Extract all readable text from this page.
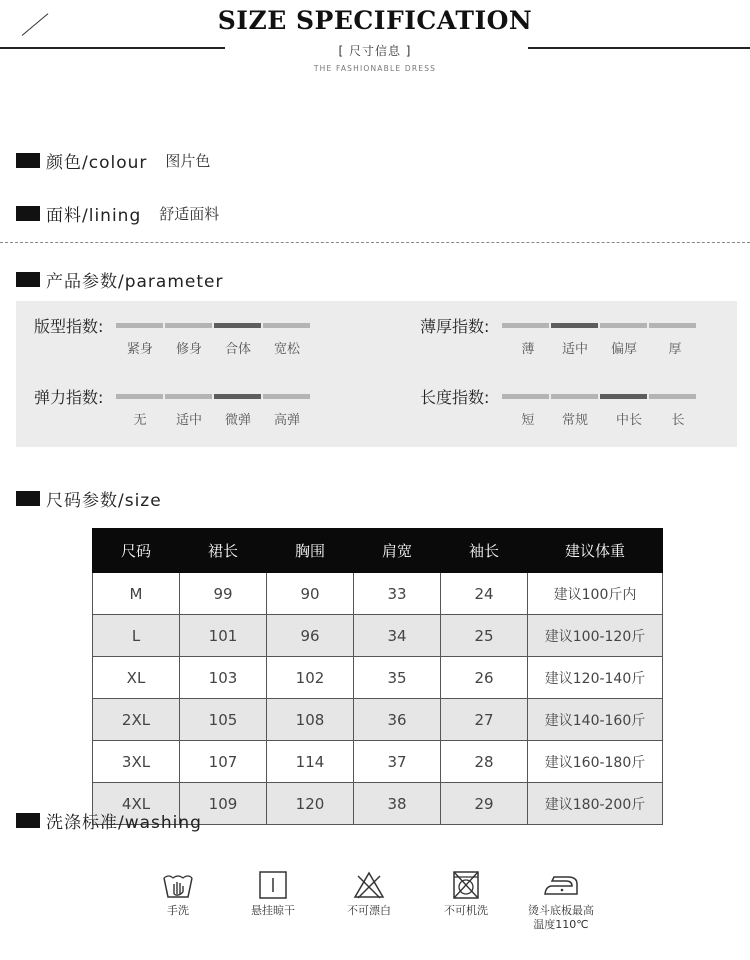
SIZE SPECIFICATION
[ 尺寸信息 ]
THE FASHIONABLE DRESS
颜色/colour 图片色
面料/lining 舒适面料
产品参数/parameter
版型指数:
紧身	修身	合体	宽松
薄厚指数:
薄	适中	偏厚	厚
弹力指数:
无	适中	微弹	高弹
长度指数:
短	常规	中长	长
尺码参数/size
尺码	裙长	胸围	肩宽	袖长	建议体重
M	99	90	33	24	建议100斤内
L	101	96	34	25	建议100-120斤
XL	103	102	35	26	建议120-140斤
2XL	105	108	36	27	建议140-160斤
3XL	107	114	37	28	建议160-180斤
4XL	109	120	38	29	建议180-200斤
洗涤标准/washing
手洗	悬挂晾干	不可漂白	不可机洗	烫斗底板最高
温度110℃
